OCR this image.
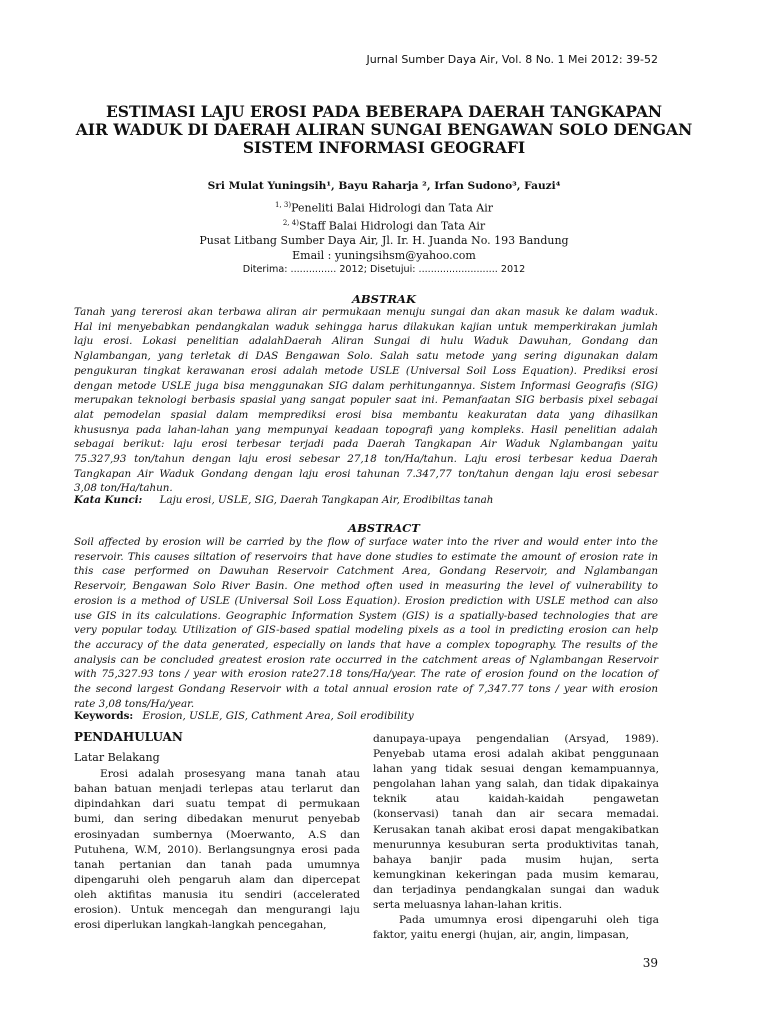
Jurnal Sumber Daya Air, Vol. 8 No. 1 Mei 2012: 39-52
ESTIMASI LAJU EROSI PADA BEBERAPA DAERAH TANGKAPAN
AIR WADUK DI DAERAH ALIRAN SUNGAI BENGAWAN SOLO DENGAN
SISTEM INFORMASI GEOGRAFI
Sri Mulat Yuningsih¹, Bayu Raharja ², Irfan Sudono³, Fauzi⁴
$^{1, 3)}$Peneliti Balai Hidrologi dan Tata Air
$^{2, 4)}$Staff Balai Hidrologi dan Tata Air
Pusat Litbang Sumber Daya Air, Jl. Ir. H. Juanda No. 193 Bandung
Email : yuningsihsm@yahoo.com
Diterima: ............... 2012; Disetujui: .......................... 2012
ABSTRAK

Tanah yang tererosi akan terbawa aliran air permukaan menuju sungai dan akan masuk ke dalam waduk.

Hal ini menyebabkan pendangkalan waduk sehingga harus dilakukan kajian untuk memperkirakan jumlah

laju erosi. Lokasi penelitian adalahDaerah Aliran Sungai di hulu Waduk Dawuhan, Gondang dan

Nglambangan, yang terletak di DAS Bengawan Solo. Salah satu metode yang sering digunakan dalam

pengukuran tingkat kerawanan erosi adalah metode USLE (Universal Soil Loss Equation). Prediksi erosi

dengan metode USLE juga bisa menggunakan SIG dalam perhitungannya. Sistem Informasi Geografis (SIG)

merupakan teknologi berbasis spasial yang sangat populer saat ini. Pemanfaatan SIG berbasis pixel sebagai

alat pemodelan spasial dalam memprediksi erosi bisa membantu keakuratan data yang dihasilkan

khususnya pada lahan-lahan yang mempunyai keadaan topografi yang kompleks. Hasil penelitian adalah

sebagai berikut: laju erosi terbesar terjadi pada Daerah Tangkapan Air Waduk Nglambangan yaitu

75.327,93 ton/tahun dengan laju erosi sebesar 27,18 ton/Ha/tahun. Laju erosi terbesar kedua Daerah

Tangkapan Air Waduk Gondang dengan laju erosi tahunan 7.347,77 ton/tahun dengan laju erosi sebesar

3,08 ton/Ha/tahun.

Kata Kunci: Laju erosi, USLE, SIG, Daerah Tangkapan Air, Erodibiltas tanah
ABSTRACT

Soil affected by erosion will be carried by the flow of surface water into the river and would enter into the

reservoir. This causes siltation of reservoirs that have done studies to estimate the amount of erosion rate in

this case performed on Dawuhan Reservoir Catchment Area, Gondang Reservoir, and Nglambangan

Reservoir, Bengawan Solo River Basin. One method often used in measuring the level of vulnerability to

erosion is a method of USLE (Universal Soil Loss Equation). Erosion prediction with USLE method can also

use GIS in its calculations. Geographic Information System (GIS) is a spatially-based technologies that are

very popular today. Utilization of GIS-based spatial modeling pixels as a tool in predicting erosion can help

the accuracy of the data generated, especially on lands that have a complex topography. The results of the

analysis can be concluded greatest erosion rate occurred in the catchment areas of Nglambangan Reservoir

with 75,327.93 tons / year with erosion rate27.18 tons/Ha/year. The rate of erosion found on the location of

the second largest Gondang Reservoir with a total annual erosion rate of 7,347.77 tons / year with erosion

rate 3,08 tons/Ha/year.

Keywords: Erosion, USLE, GIS, Cathment Area, Soil erodibility
PENDAHULUAN
Latar Belakang

Erosi adalah prosesyang mana tanah atau

bahan batuan menjadi terlepas atau terlarut dan

dipindahkan dari suatu tempat di permukaan

bumi, dan sering dibedakan menurut penyebab

erosinyadan sumbernya (Moerwanto, A.S dan

Putuhena, W.M, 2010). Berlangsungnya erosi pada

tanah pertanian dan tanah pada umumnya

dipengaruhi oleh pengaruh alam dan dipercepat

oleh aktifitas manusia itu sendiri (accelerated

erosion). Untuk mencegah dan mengurangi laju

erosi diperlukan langkah-langkah pencegahan,

danupaya-upaya pengendalian (Arsyad, 1989).

Penyebab utama erosi adalah akibat penggunaan

lahan yang tidak sesuai dengan kemampuannya,

pengolahan lahan yang salah, dan tidak dipakainya

teknik atau kaidah-kaidah pengawetan

(konservasi) tanah dan air secara memadai.

Kerusakan tanah akibat erosi dapat mengakibatkan

menurunnya kesuburan serta produktivitas tanah,

bahaya banjir pada musim hujan, serta

kemungkinan kekeringan pada musim kemarau,

dan terjadinya pendangkalan sungai dan waduk

serta meluasnya lahan-lahan kritis.

Pada umumnya erosi dipengaruhi oleh tiga

faktor, yaitu energi (hujan, air, angin, limpasan,

39
